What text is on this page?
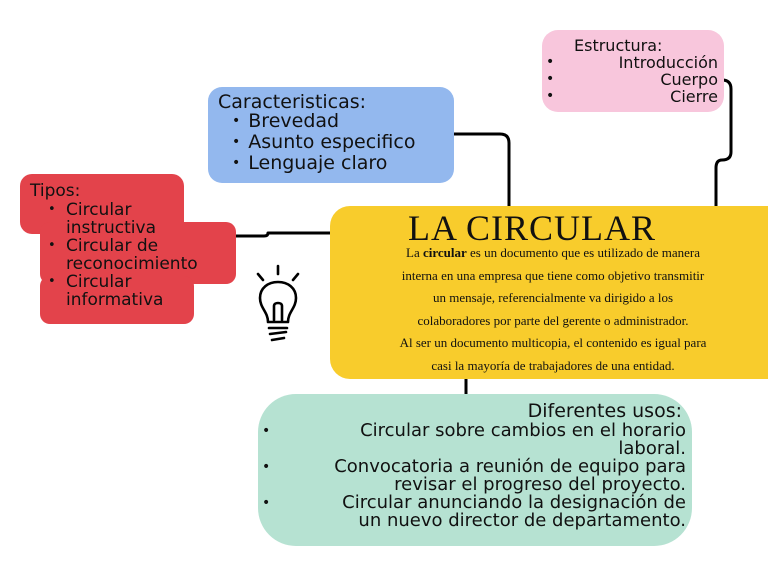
Estructura:
•	Introducción
•	Cuerpo
•	Cierre
Caracteristicas:
• Brevedad
• Asunto especifico
• Lenguaje claro
Tipos:
• Circular
instructiva
• Circular de
reconocimiento
• Circular
informativa
LA CIRCULAR
La circular es un documento que es utilizado de manera
interna en una empresa que tiene como objetivo transmitir
un mensaje, referencialmente va dirigido a los
colaboradores por parte del gerente o administrador.
Al ser un documento multicopia, el contenido es igual para
casi la mayoría de trabajadores de una entidad.
Diferentes usos:
•	Circular sobre cambios en el horario
laboral.
•	Convocatoria a reunión de equipo para
revisar el progreso del proyecto.
•	Circular anunciando la designación de
un nuevo director de departamento.
